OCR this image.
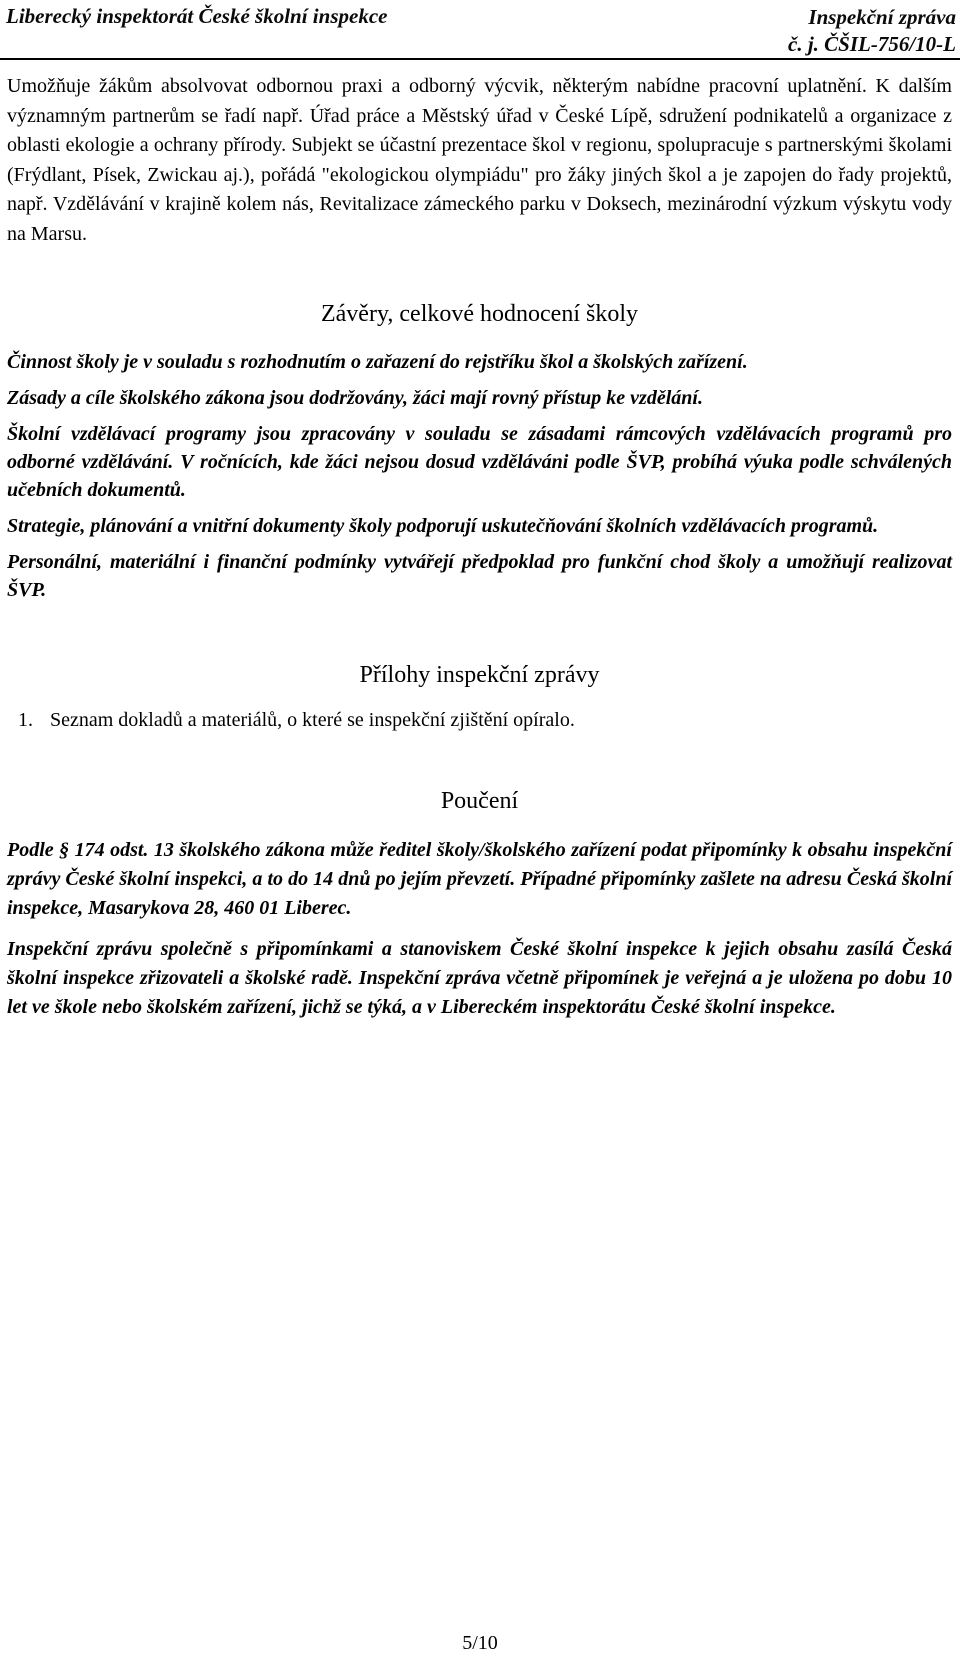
Liberecký inspektorát České školní inspekce	Inspekční zpráva
č. j. ČŠIL-756/10-L

Umožňuje žákům absolvovat odbornou praxi a odborný výcvik, některým nabídne pracovní uplatnění. K dalším významným partnerům se řadí např. Úřad práce a Městský úřad v České Lípě, sdružení podnikatelů a organizace z oblasti ekologie a ochrany přírody. Subjekt se účastní prezentace škol v regionu, spolupracuje s partnerskými školami (Frýdlant, Písek, Zwickau aj.), pořádá "ekologickou olympiádu" pro žáky jiných škol a je zapojen do řady projektů, např. Vzdělávání v krajině kolem nás, Revitalizace zámeckého parku v Doksech, mezinárodní výzkum výskytu vody na Marsu.

Závěry, celkové hodnocení školy

Činnost školy je v souladu s rozhodnutím o zařazení do rejstříku škol a školských zařízení.

Zásady a cíle školského zákona jsou dodržovány, žáci mají rovný přístup ke vzdělání.

Školní vzdělávací programy jsou zpracovány v souladu se zásadami rámcových vzdělávacích programů pro odborné vzdělávání. V ročnících, kde žáci nejsou dosud vzděláváni podle ŠVP, probíhá výuka podle schválených učebních dokumentů.

Strategie, plánování a vnitřní dokumenty školy podporují uskutečňování školních vzdělávacích programů.

Personální, materiální i finanční podmínky vytvářejí předpoklad pro funkční chod školy a umožňují realizovat ŠVP.

Přílohy inspekční zprávy
1. Seznam dokladů a materiálů, o které se inspekční zjištění opíralo.
Poučení

Podle § 174 odst. 13 školského zákona může ředitel školy/školského zařízení podat připomínky k obsahu inspekční zprávy České školní inspekci, a to do 14 dnů po jejím převzetí. Případné připomínky zašlete na adresu Česká školní inspekce, Masarykova 28, 460 01 Liberec.

Inspekční zprávu společně s připomínkami a stanoviskem České školní inspekce k jejich obsahu zasílá Česká školní inspekce zřizovateli a školské radě. Inspekční zpráva včetně připomínek je veřejná a je uložena po dobu 10 let ve škole nebo školském zařízení, jichž se týká, a v Libereckém inspektorátu České školní inspekce.

5/10
